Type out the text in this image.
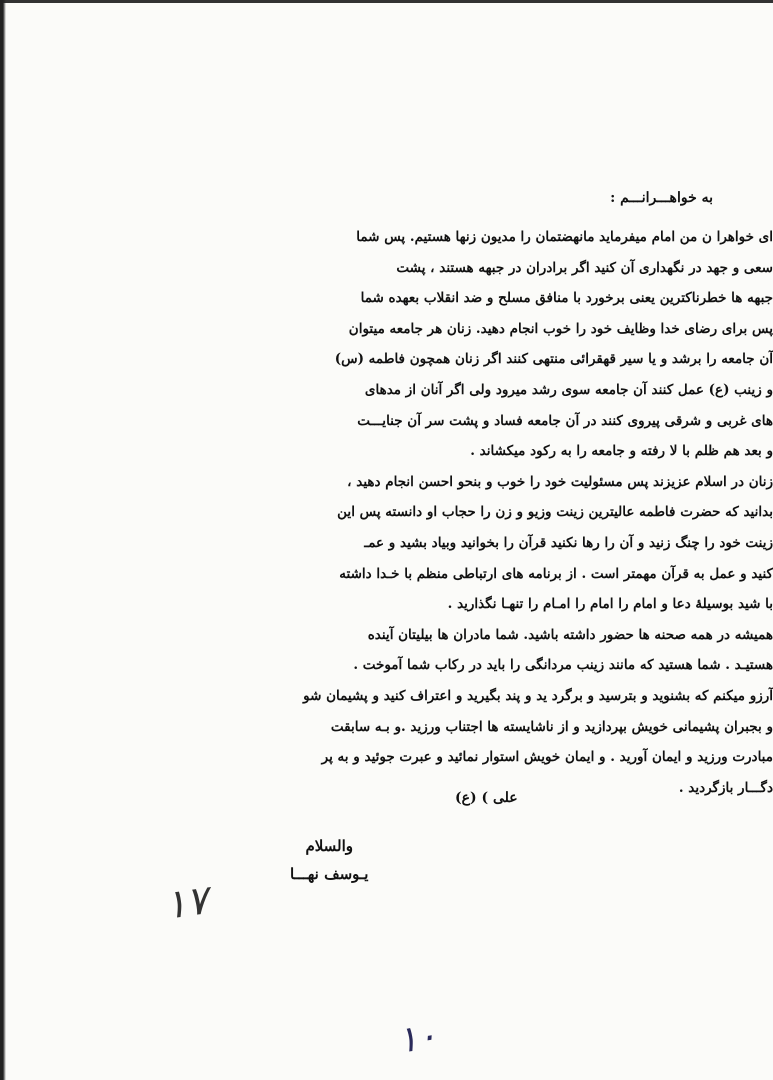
به خواهـــرانـــم :
ای خواهرا ن من امام میفرماید مانهضتمان را مدیون زنها هستیم. پس شما
سعی و جهد در نگهداری آن کنید اگر برادران در جبهه هستند ، پشت
جبهه ها خطرناکترین یعنی برخورد با منافق مسلح و ضد انقلاب بعهده شما
پس برای رضای خدا وظایف خود را خوب انجام دهید. زنان هر جامعه میتوان
آن جامعه را برشد و یا سیر قهقرائی منتهی کنند اگر زنان همچون فاطمه (س)
و زینب (ع) عمل کنند آن جامعه سوی رشد میرود ولی اگر آنان از مدهای
های غربی و شرقی پیروی کنند در آن جامعه فساد و پشت سر آن جنایـــت
و بعد هم ظلم با لا رفته و جامعه را به رکود میکشاند .
زنان در اسلام عزیزند پس مسئولیت خود را خوب و بنحو احسن انجام دهید ،
بدانید که حضرت فاطمه عالیترین زینت وزیو و زن را حجاب او دانسته پس این
زینت خود را چنگ زنید و آن را رها نکنید قرآن را بخوانید وبیاد بشید و عمـ
کنید و عمل به قرآن مهمتر است . از برنامه های ارتباطی منظم با خـدا داشته
با شید بوسیلهٔ دعا و امام را امام را امـام را تنهـا نگذارید .
همیشه در همه صحنه ها حضور داشته باشید. شما مادران ها بیلیتان آینده
هستیـد . شما هستید که مانند زینب مردانگی را باید در رکاب شما آموخت .
آرزو میکنم که بشنوید و بترسید و برگرد ید و پند بگیرید و اعتراف کنید و پشیمان شو
و بجبران پشیمانی خویش بپردازید و از ناشایسته ها اجتناب ورزید .و بـه سابقت
مبادرت ورزید و ایمان آورید . و ایمان خویش استوار نمائید و عبرت جوئید و به پر
دگـــار بازگردید .
علی ) (ع)
والسلام
یـوسف نهـــا
١٧
١٠
